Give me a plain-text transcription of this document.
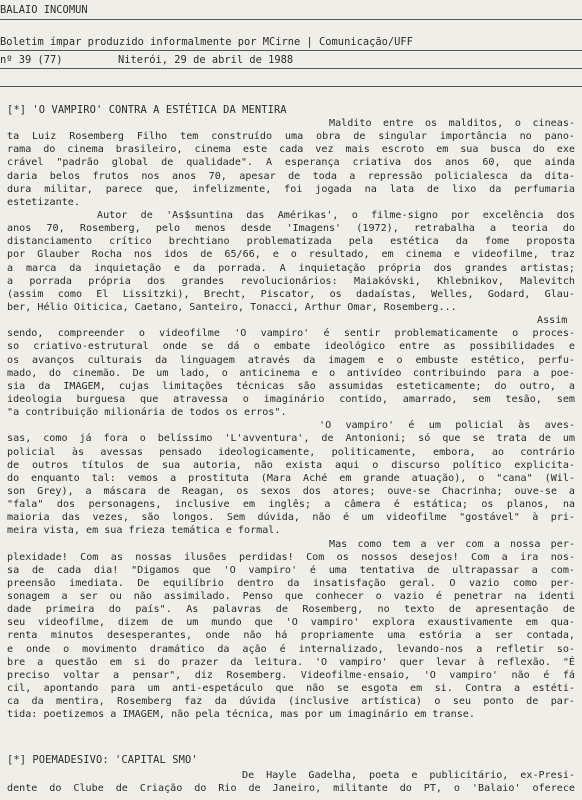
BALAIO INCOMUN
Boletim ímpar produzido informalmente por MCirne | Comunicação/UFF
nº 39 (77)	Niterói, 29 de abril de 1988
[*] 'O VAMPIRO' CONTRA A ESTÉTICA DA MENTIRA
Maldito entre os malditos, o cineas-
ta Luiz Rosemberg Filho tem construído uma obra de singular importância no pano-
rama do cinema brasileiro, cinema este cada vez mais escroto em sua busca do exe
crável "padrão global de qualidade". A esperança criativa dos anos 60, que ainda
daria belos frutos nos anos 70, apesar de toda a repressão policialesca da dita-
dura militar, parece que, infelizmente, foi jogada na lata de lixo da perfumaria
estetizante.
Autor de 'As$suntina das Amérikas', o filme-signo por excelência dos
anos 70, Rosemberg, pelo menos desde 'Imagens' (1972), retrabalha a teoria do
distanciamento crítico brechtiano problematizada pela estética da fome proposta
por Glauber Rocha nos idos de 65/66, e o resultado, em cinema e videofilme, traz
a marca da inquietação e da porrada. A inquietação própria dos grandes artistas;
a porrada própria dos grandes revolucionários: Maiakóvski, Khlebnikov, Malevitch
(assim como El Lissitzki), Brecht, Piscator, os dadaístas, Welles, Godard, Glau-
ber, Hélio Oiticica, Caetano, Santeiro, Tonacci, Arthur Omar, Rosemberg...
Assim
sendo, compreender o videofilme 'O vampiro' é sentir problematicamente o proces-
so criativo-estrutural onde se dá o embate ideológico entre as possibilidades e
os avanços culturais da linguagem através da imagem e o embuste estético, perfu-
mado, do cinemão. De um lado, o anticinema e o antivídeo contribuindo para a poe-
sia da IMAGEM, cujas limitações técnicas são assumidas esteticamente; do outro, a
ideologia burguesa que atravessa o imaginário contido, amarrado, sem tesão, sem
"a contribuição milionária de todos os erros".
'O vampiro' é um policial às aves-
sas, como já fora o belíssimo 'L'avventura', de Antonioni; só que se trata de um
policial às avessas pensado ideologicamente, politicamente, embora, ao contrário
de outros títulos de sua autoria, não exista aqui o discurso político explicita-
do enquanto tal: vemos a prostituta (Mara Aché em grande atuação), o "cana" (Wil-
son Grey), a máscara de Reagan, os sexos dos atores; ouve-se Chacrinha; ouve-se a
"fala" dos personagens, inclusive em inglês; a câmera é estática; os planos, na
maioria das vezes, são longos. Sem dúvida, não é um videofilme "gostável" à pri-
meira vista, em sua frieza temática e formal.
Mas como tem a ver com a nossa per-
plexidade! Com as nossas ilusões perdidas! Com os nossos desejos! Com a ira nos-
sa de cada dia! "Digamos que 'O vampiro' é uma tentativa de ultrapassar a com-
preensão imediata. De equilíbrio dentro da insatisfação geral. O vazio como per-
sonagem a ser ou não assimilado. Penso que conhecer o vazio é penetrar na identi
dade primeira do país". As palavras de Rosemberg, no texto de apresentação de
seu videofilme, dizem de um mundo que 'O vampiro' explora exaustivamente em qua-
renta minutos desesperantes, onde não há propriamente uma estória a ser contada,
e onde o movimento dramático da ação é internalizado, levando-nos a refletir so-
bre a questão em si do prazer da leitura. 'O vampiro' quer levar à reflexão. "É
preciso voltar a pensar", diz Rosemberg. Videofilme-ensaio, 'O vampiro' não é fá
cil, apontando para um anti-espetáculo que não se esgota em si. Contra a estéti-
ca da mentira, Rosemberg faz da dúvida (inclusive artística) o seu ponto de par-
tida: poetizemos a IMAGEM, não pela técnica, mas por um imaginário em transe.
[*] POEMADESIVO: 'CAPITAL SMO'
De Hayle Gadelha, poeta e publicitário, ex-Presi-
dente do Clube de Criação do Rio de Janeiro, militante do PT, o 'Balaio' oferece
